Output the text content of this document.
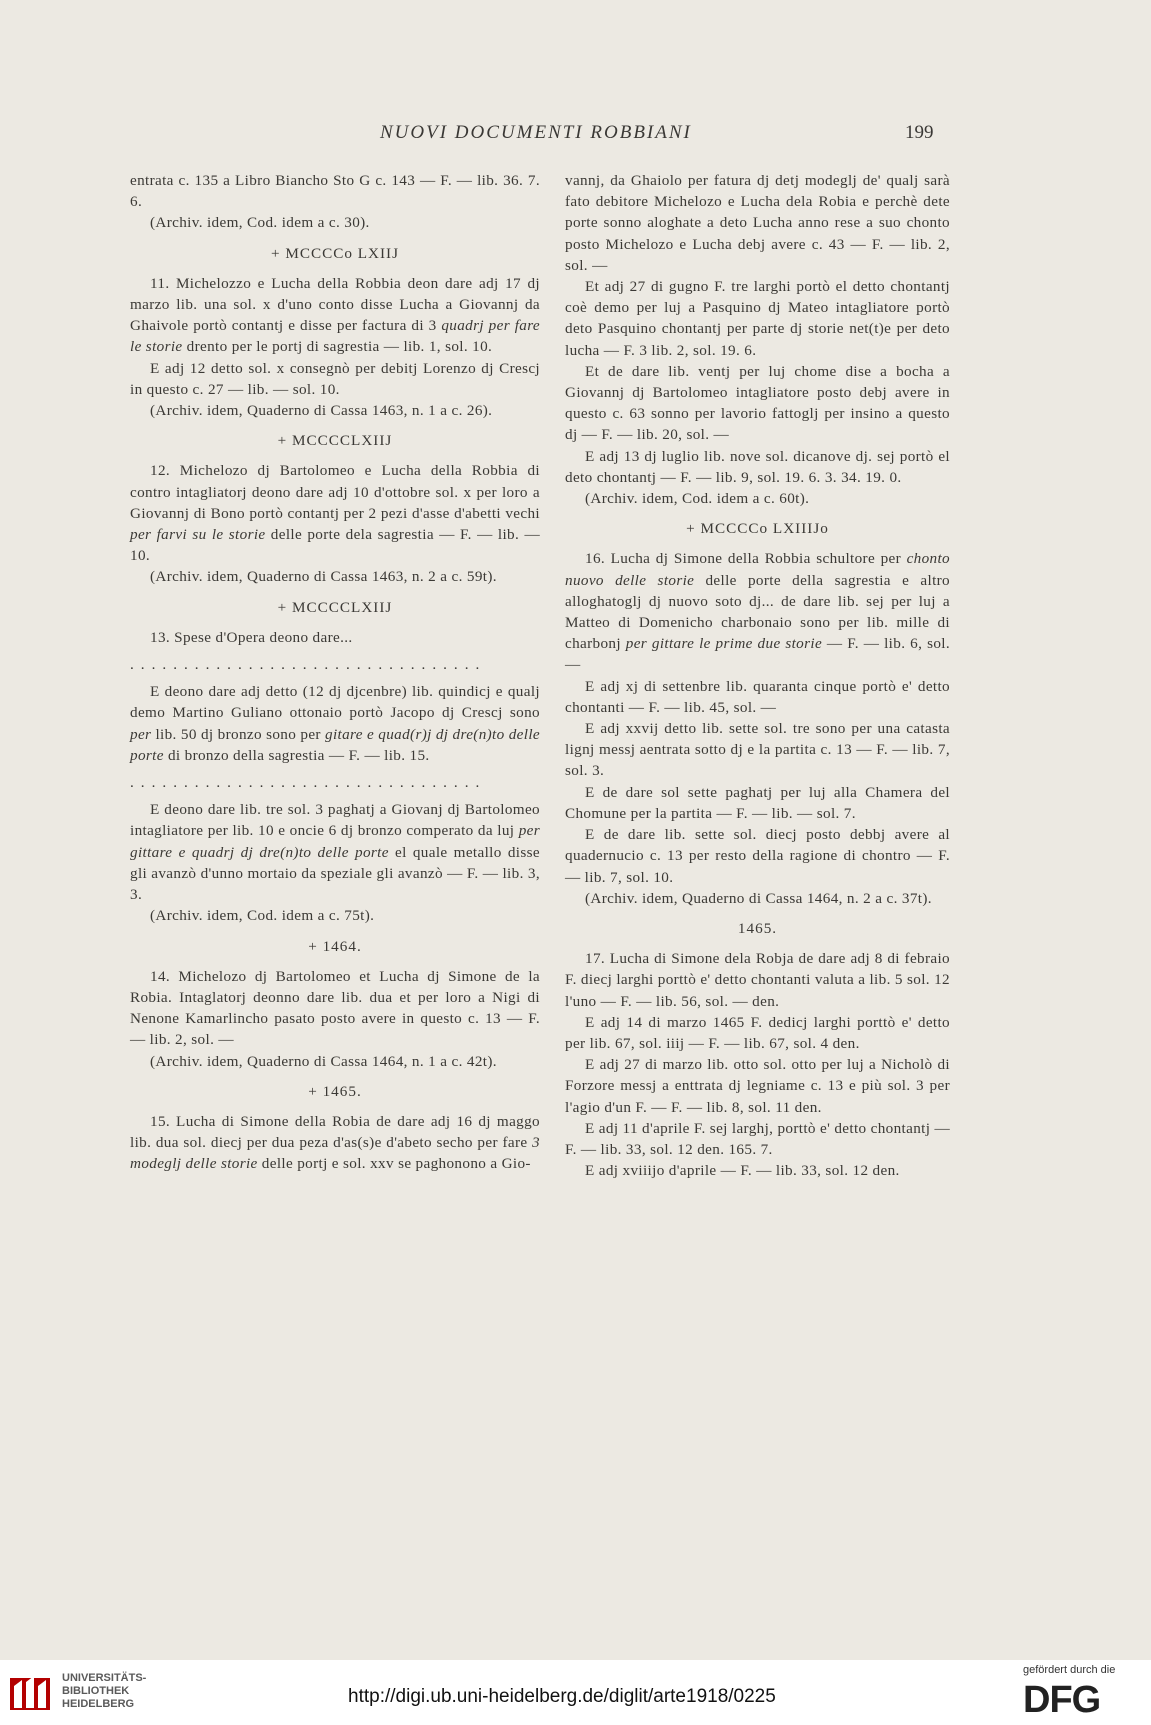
NUOVI DOCUMENTI ROBBIANI	199
entrata c. 135 a Libro Biancho Sto G c. 143 — F. — lib. 36. 7. 6.
(Archiv. idem, Cod. idem a c. 30).
+ MCCCCo LXIIJ
11. Michelozzo e Lucha della Robbia deon dare adj 17 dj marzo lib. una sol. x d'uno conto disse Lucha a Giovannj da Ghaivole portò contantj e disse per factura di 3 quadrj per fare le storie drento per le portj di sagrestia — lib. 1, sol. 10.
E adj 12 detto sol. x consegnò per debitj Lorenzo dj Crescj in questo c. 27 — lib. — sol. 10.
(Archiv. idem, Quaderno di Cassa 1463, n. 1 a c. 26).
+ MCCCCLXIIJ
12. Michelozo dj Bartolomeo e Lucha della Robbia di contro intagliatorj deono dare adj 10 d'ottobre sol. x per loro a Giovannj di Bono portò contantj per 2 pezi d'asse d'abetti vechi per farvi su le storie delle porte dela sagrestia — F. — lib. — 10.
(Archiv. idem, Quaderno di Cassa 1463, n. 2 a c. 59t).
+ MCCCCLXIIJ
13. Spese d'Opera deono dare...
.................................
E deono dare adj detto (12 dj djcenbre) lib. quindicj e qualj demo Martino Guliano ottonaio portò Jacopo dj Crescj sono per lib. 50 dj bronzo sono per gitare e quad(r)j dj dre(n)to delle porte di bronzo della sagrestia — F. — lib. 15.
.................................
E deono dare lib. tre sol. 3 paghatj a Giovanj dj Bartolomeo intagliatore per lib. 10 e oncie 6 dj bronzo comperato da luj per gittare e quadrj dj dre(n)to delle porte el quale metallo disse gli avanzò d'unno mortaio da speziale gli avanzò — F. — lib. 3, 3.
(Archiv. idem, Cod. idem a c. 75t).
+ 1464.
14. Michelozo dj Bartolomeo et Lucha dj Simone de la Robia. Intaglatorj deonno dare lib. dua et per loro a Nigi di Nenone Kamarlincho pasato posto avere in questo c. 13 — F. — lib. 2, sol. —
(Archiv. idem, Quaderno di Cassa 1464, n. 1 a c. 42t).
+ 1465.
15. Lucha di Simone della Robia de dare adj 16 dj maggo lib. dua sol. diecj per dua peza d'as(s)e d'abeto secho per fare 3 modeglj delle storie delle portj e sol. xxv se paghonono a Gio-
vannj, da Ghaiolo per fatura dj detj modeglj de' qualj sarà fato debitore Michelozo e Lucha dela Robia e perchè dete porte sonno aloghate a deto Lucha anno rese a suo chonto posto Michelozo e Lucha debj avere c. 43 — F. — lib. 2, sol. —
Et adj 27 di gugno F. tre larghi portò el detto chontantj coè demo per luj a Pasquino dj Mateo intagliatore portò deto Pasquino chontantj per parte dj storie net(t)e per deto lucha — F. 3 lib. 2, sol. 19. 6.
Et de dare lib. ventj per luj chome dise a bocha a Giovannj dj Bartolomeo intagliatore posto debj avere in questo c. 63 sonno per lavorio fattoglj per insino a questo dj — F. — lib. 20, sol. —
E adj 13 dj luglio lib. nove sol. dicanove dj. sej portò el deto chontantj — F. — lib. 9, sol. 19. 6. 3. 34. 19. 0.
(Archiv. idem, Cod. idem a c. 60t).
+ MCCCCo LXIIIJo
16. Lucha dj Simone della Robbia schultore per chonto nuovo delle storie delle porte della sagrestia e altro alloghatoglj dj nuovo soto dj... de dare lib. sej per luj a Matteo di Domenicho charbonaio sono per lib. mille di charbonj per gittare le prime due storie — F. — lib. 6, sol. —
E adj xj di settenbre lib. quaranta cinque portò e' detto chontanti — F. — lib. 45, sol. —
E adj xxvij detto lib. sette sol. tre sono per una catasta lignj messj aentrata sotto dj e la partita c. 13 — F. — lib. 7, sol. 3.
E de dare sol sette paghatj per luj alla Chamera del Chomune per la partita — F. — lib. — sol. 7.
E de dare lib. sette sol. diecj posto debbj avere al quadernucio c. 13 per resto della ragione di chontro — F. — lib. 7, sol. 10.
(Archiv. idem, Quaderno di Cassa 1464, n. 2 a c. 37t).
1465.
17. Lucha di Simone dela Robja de dare adj 8 di febraio F. diecj larghi porttò e' detto chontanti valuta a lib. 5 sol. 12 l'uno — F. — lib. 56, sol. — den.
E adj 14 di marzo 1465 F. dedicj larghi porttò e' detto per lib. 67, sol. iiij — F. — lib. 67, sol. 4 den.
E adj 27 di marzo lib. otto sol. otto per luj a Nicholò di Forzore messj a enttrata dj legniame c. 13 e più sol. 3 per l'agio d'un F. — F. — lib. 8, sol. 11 den.
E adj 11 d'aprile F. sej larghj, porttò e' detto chontantj — F. — lib. 33, sol. 12 den. 165. 7.
E adj xviiijo d'aprile — F. — lib. 33, sol. 12 den.
UNIVERSITÄTS-
BIBLIOTHEK
HEIDELBERG	http://digi.ub.uni-heidelberg.de/diglit/arte1918/0225
gefördert durch die
DFG
